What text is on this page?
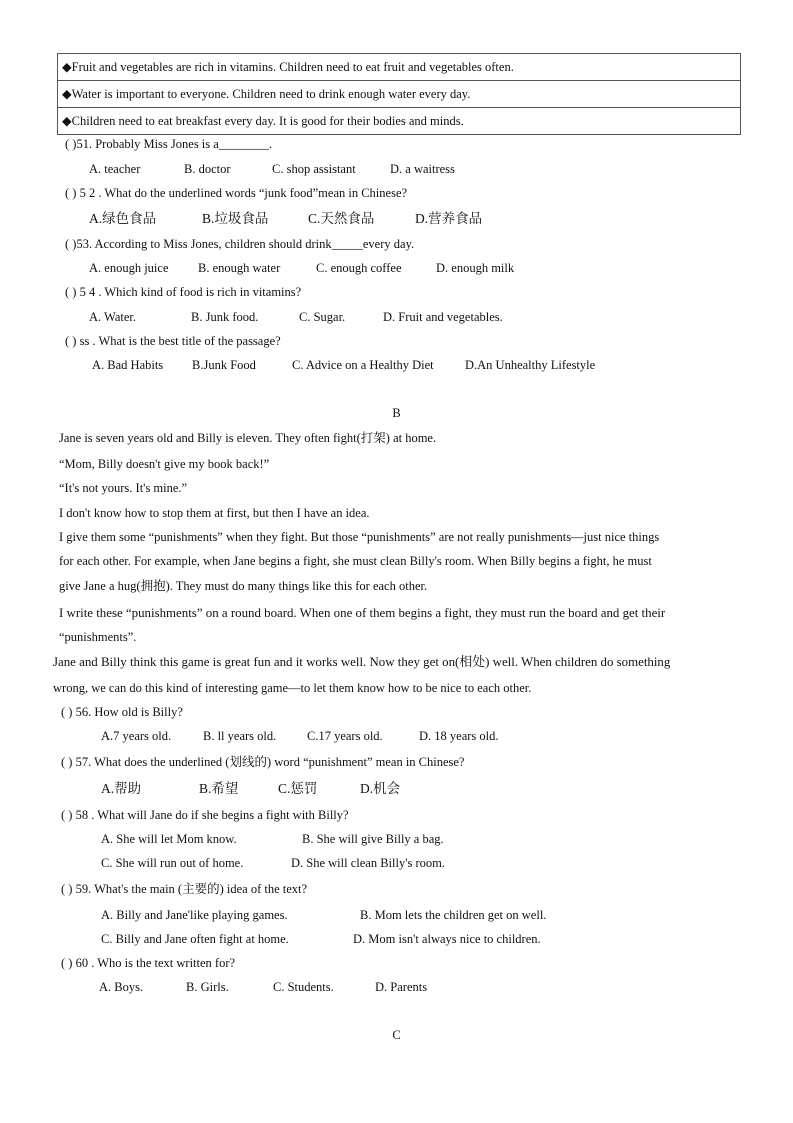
◆Fruit and vegetables are rich in vitamins. Children need to eat fruit and vegetables often.
◆Water is important to everyone. Children need to drink enough water every day.
◆Children need to eat breakfast every day. It is good for their bodies and minds.
( )51. Probably Miss Jones is a________.
A. teacher	B. doctor	C. shop assistant	D. a waitress
( ) 5 2 . What do the underlined words “junk food”mean in Chinese?
A.绿色食品	B.垃圾食品	C.天然食品	D.营养食品
( )53. According to Miss Jones, children should drink_____every day.
A. enough juice B. enough water	C. enough coffee	D. enough milk
( ) 5 4 . Which kind of food is rich in vitamins?
A. Water.	B. Junk food.	C. Sugar.	D. Fruit and vegetables.
( ) ss . What is the best title of the passage?
A. Bad Habits B.Junk Food	C. Advice on a Healthy Diet	D.An Unhealthy Lifestyle
B
Jane is seven years old and Billy is eleven. They often fight(打架) at home.
“Mom, Billy doesn't give my book back!”
“It's not yours. It's mine.”
I don't know how to stop them at first, but then I have an idea.
I give them some “punishments” when they fight. But those “punishments” are not really punishments—just nice things
for each other. For example, when Jane begins a fight, she must clean Billy's room. When Billy begins a fight, he must
give Jane a hug(拥抱). They must do many things like this for each other.
I write these “punishments” on a round board. When one of them begins a fight, they must run the board and get their
“punishments”.
Jane and Billy think this game is great fun and it works well. Now they get on(相处) well. When children do something
wrong, we can do this kind of interesting game—to let them know how to be nice to each other.
( ) 56. How old is Billy?
A.7 years old.	B. ll years old. C.17 years old.	D. 18 years old.
( ) 57. What does the underlined (划线的) word “punishment” mean in Chinese?
A.帮助	B.希望	C.惩罚	D.机会
( ) 58 . What will Jane do if she begins a fight with Billy?
A. She will let Mom know.	B. She will give Billy a bag.
C. She will run out of home.	D. She will clean Billy's room.
( ) 59. What's the main (主要的) idea of the text?
A. Billy and Jane'like playing games.	B. Mom lets the children get on well.
C. Billy and Jane often fight at home.	D. Mom isn't always nice to children.
( ) 60 . Who is the text written for?
A. Boys.	B. Girls.	C. Students.	D. Parents
C
